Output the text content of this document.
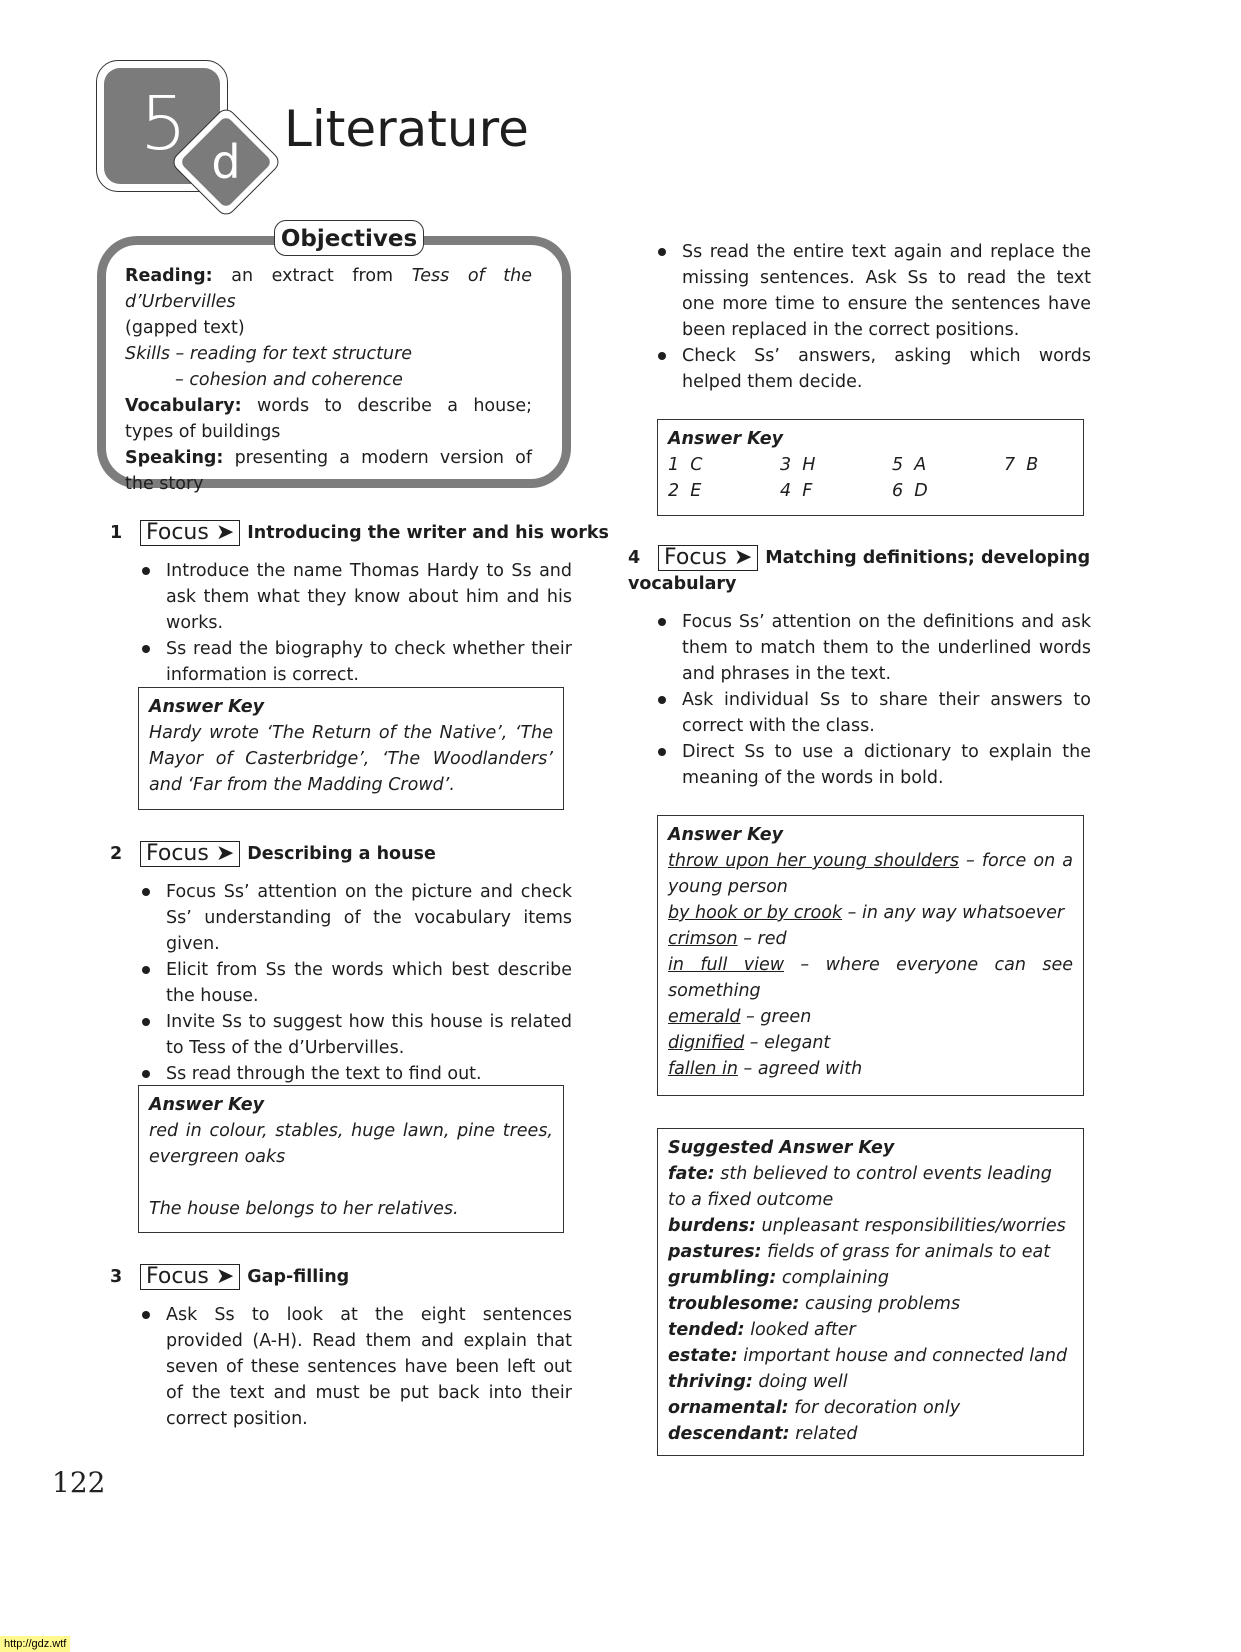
5 d
Literature
Objectives
Reading: an extract from Tess of the d’Urbervilles
(gapped text)
Skills – reading for text structure
– cohesion and coherence
Vocabulary: words to describe a house; types of buildings
Speaking: presenting a modern version of the story
1 Focus ➤ Introducing the writer and his works
Introduce the name Thomas Hardy to Ss and ask them what they know about him and his works.
Ss read the biography to check whether their information is correct.
Answer Key
Hardy wrote ‘The Return of the Native’, ‘The Mayor of Casterbridge’, ‘The Woodlanders’ and ‘Far from the Madding Crowd’.
2 Focus ➤ Describing a house
Focus Ss’ attention on the picture and check Ss’ understanding of the vocabulary items given.
Elicit from Ss the words which best describe the house.
Invite Ss to suggest how this house is related to Tess of the d’Urbervilles.
Ss read through the text to find out.
Answer Key
red in colour, stables, huge lawn, pine trees, evergreen oaks
The house belongs to her relatives.
3 Focus ➤ Gap-filling
Ask Ss to look at the eight sentences provided (A-H). Read them and explain that seven of these sentences have been left out of the text and must be put back into their correct position.
Ss read the entire text again and replace the missing sentences. Ask Ss to read the text one more time to ensure the sentences have been replaced in the correct positions.
Check Ss’ answers, asking which words helped them decide.
Answer Key
1  C	3  H	5  A	7  B
2  E	4  F	6  D
4 Focus ➤ Matching definitions; developing vocabulary
Focus Ss’ attention on the definitions and ask them to match them to the underlined words and phrases in the text.
Ask individual Ss to share their answers to correct with the class.
Direct Ss to use a dictionary to explain the meaning of the words in bold.
Answer Key
throw upon her young shoulders – force on a young person
by hook or by crook – in any way whatsoever
crimson – red
in full view – where everyone can see something
emerald – green
dignified – elegant
fallen in – agreed with
Suggested Answer Key
fate: sth believed to control events leading to a fixed outcome
burdens: unpleasant responsibilities/worries
pastures: fields of grass for animals to eat
grumbling: complaining
troublesome: causing problems
tended: looked after
estate: important house and connected land
thriving: doing well
ornamental: for decoration only
descendant: related
122
http://gdz.wtf
